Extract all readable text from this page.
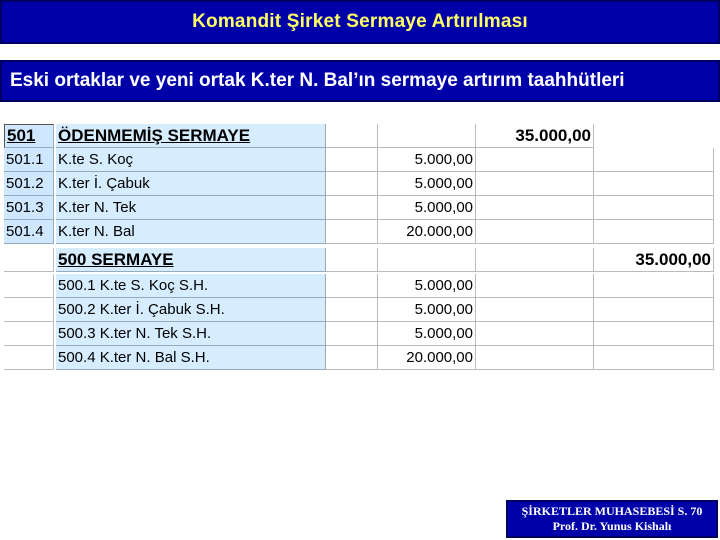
Komandit Şirket Sermaye Artırılması
Eski ortaklar ve yeni ortak K.ter N. Bal’ın sermaye artırım taahhütleri
501	ÖDENMEMİŞ SERMAYE	35.000,00
501.1 K.te S. Koç	5.000,00
501.2 K.ter İ. Çabuk	5.000,00
501.3 K.ter N. Tek	5.000,00
501.4 K.ter N. Bal	20.000,00
500 SERMAYE	35.000,00
500.1 K.te S. Koç S.H.	5.000,00
500.2 K.ter İ. Çabuk S.H.	5.000,00
500.3 K.ter N. Tek S.H.	5.000,00
500.4 K.ter N. Bal S.H.	20.000,00
ŞİRKETLER MUHASEBESİ S. 70
Prof. Dr. Yunus Kishalı
